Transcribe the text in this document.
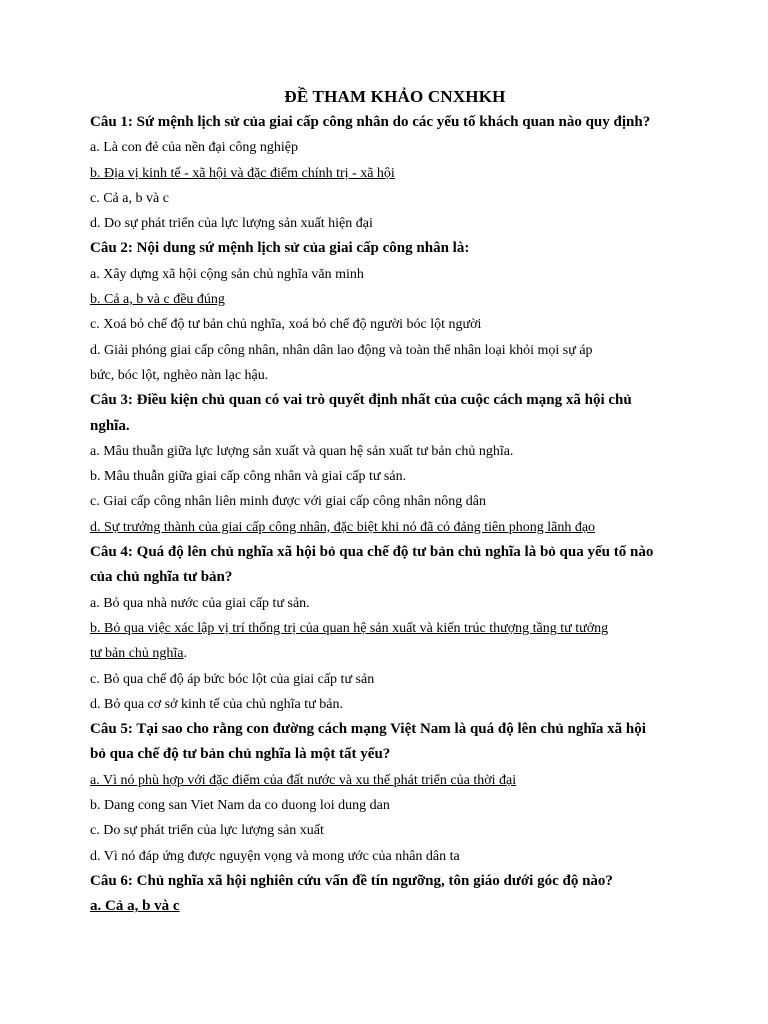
ĐỀ THAM KHẢO CNXHKH
Câu 1: Sứ mệnh lịch sử của giai cấp công nhân do các yếu tố khách quan nào quy định?
a. Là con đẻ của nền đại công nghiệp
b. Địa vị kinh tế - xã hội và đặc điểm chính trị - xã hội
c. Cả a, b và c
d. Do sự phát triển của lực lượng sản xuất hiện đại
Câu 2: Nội dung sứ mệnh lịch sử của giai cấp công nhân là:
a. Xây dựng xã hội cộng sản chủ nghĩa văn minh
b. Cả a, b và c đều đúng
c. Xoá bỏ chế độ tư bản chủ nghĩa, xoá bỏ chế độ người bóc lột người
d. Giải phóng giai cấp công nhân, nhân dân lao động và toàn thể nhân loại khỏi mọi sự áp
bức, bóc lột, nghèo nàn lạc hậu.
Câu 3: Điều kiện chủ quan có vai trò quyết định nhất của cuộc cách mạng xã hội chủ
nghĩa.
a. Mâu thuẫn giữa lực lượng sản xuất và quan hệ sản xuất tư bản chủ nghĩa.
b. Mâu thuẫn giữa giai cấp công nhân và giai cấp tư sản.
c. Giai cấp công nhân liên minh được với giai cấp công nhân nông dân
d. Sự trưởng thành của giai cấp công nhân, đặc biệt khi nó đã có đảng tiên phong lãnh đạo
Câu 4: Quá độ lên chủ nghĩa xã hội bỏ qua chế độ tư bản chủ nghĩa là bỏ qua yếu tố nào
của chủ nghĩa tư bản?
a. Bỏ qua nhà nước của giai cấp tư sản.
b. Bỏ qua việc xác lập vị trí thống trị của quan hệ sản xuất và kiến trúc thượng tầng tư tưởng
tư bản chủ nghĩa.
c. Bỏ qua chế độ áp bức bóc lột của giai cấp tư sản
d. Bỏ qua cơ sở kinh tế của chủ nghĩa tư bản.
Câu 5: Tại sao cho rằng con đường cách mạng Việt Nam là quá độ lên chủ nghĩa xã hội
bỏ qua chế độ tư bản chủ nghĩa là một tất yếu?
a. Vì nó phù hợp với đặc điểm của đất nước và xu thế phát triển của thời đại
b. Dang cong san Viet Nam da co duong loi dung dan
c. Do sự phát triển của lực lượng sản xuất
d. Vì nó đáp ứng được nguyện vọng và mong ước của nhân dân ta
Câu 6: Chủ nghĩa xã hội nghiên cứu vấn đề tín ngưỡng, tôn giáo dưới góc độ nào?
a. Cả a, b và c
